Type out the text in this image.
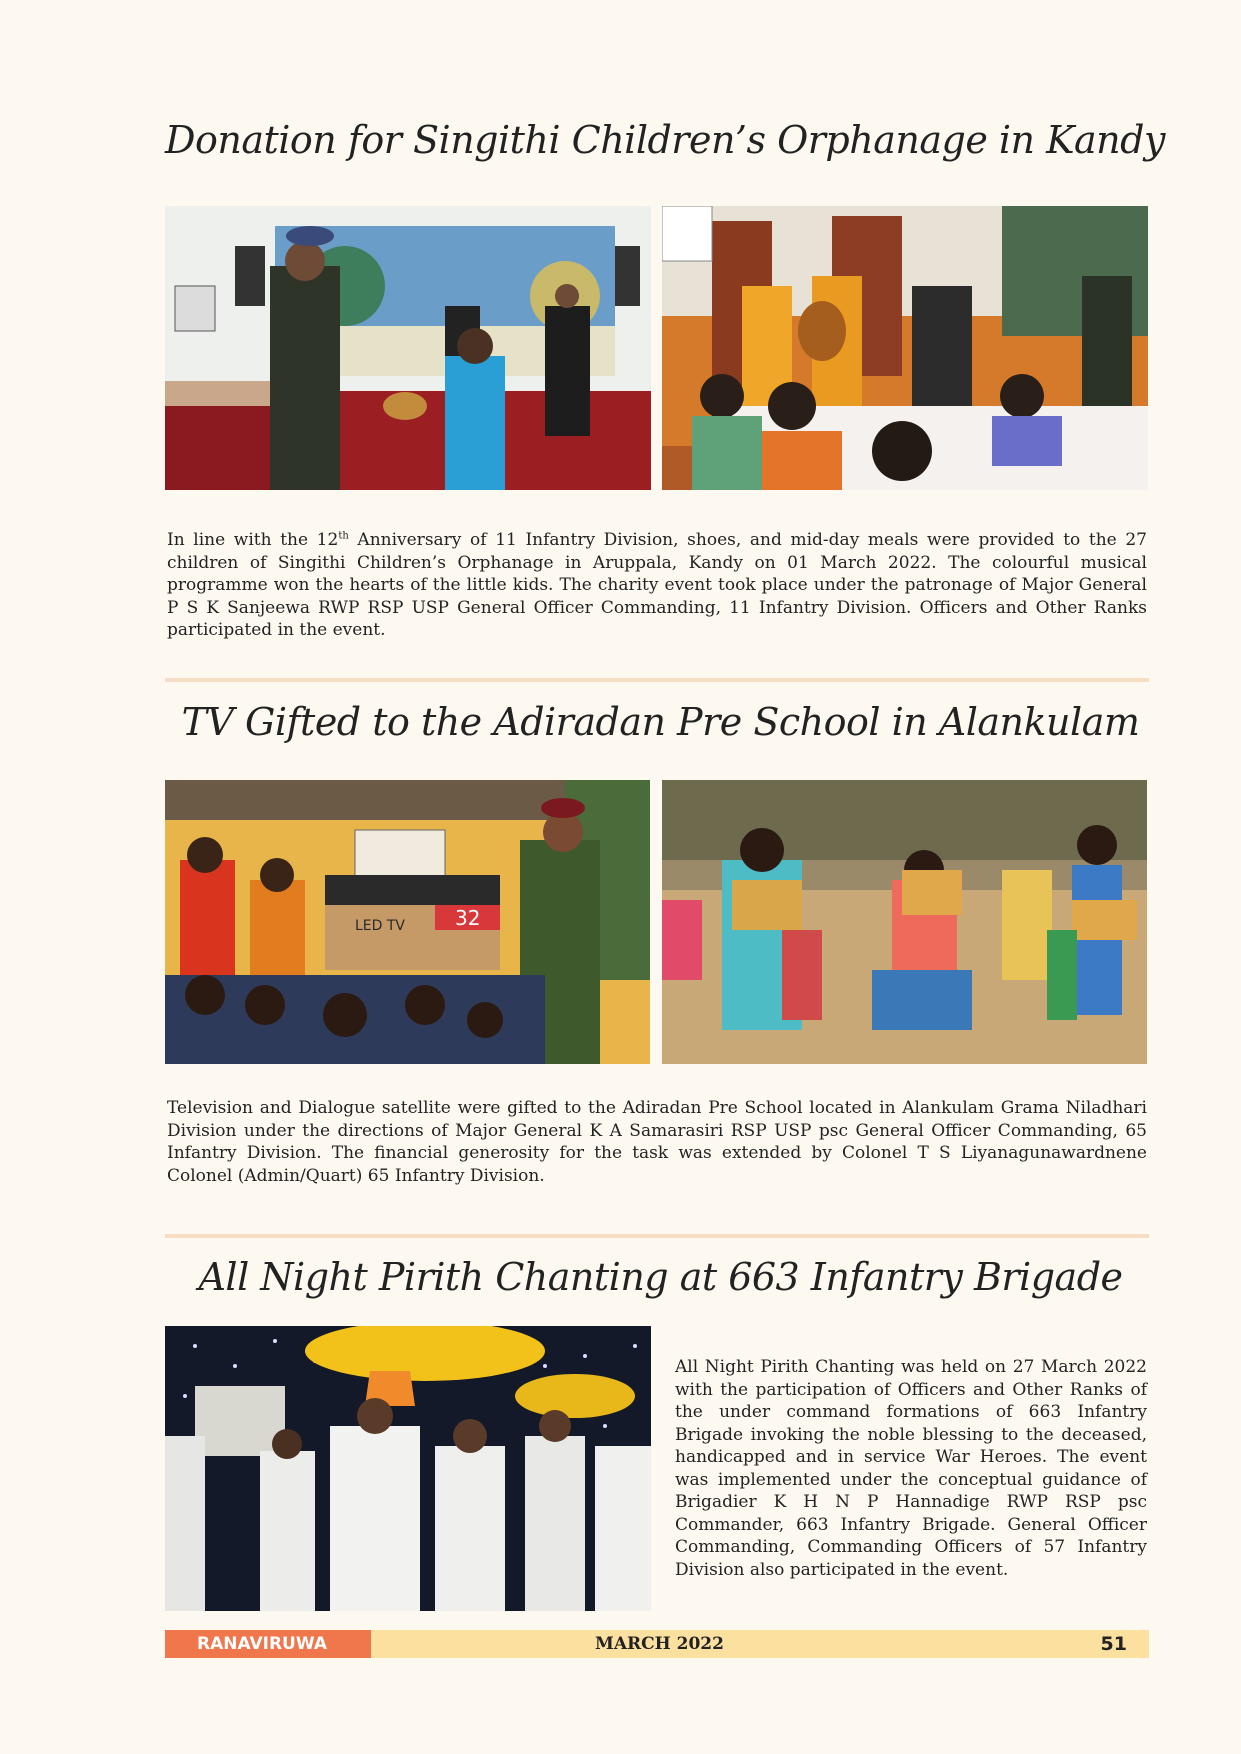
Donation for Singithi Children’s Orphanage in Kandy

In line with the 12th Anniversary of 11 Infantry Division, shoes, and mid-day meals were provided to the 27 children of Singithi Children’s Orphanage in Aruppala, Kandy on 01 March 2022. The colourful musical programme won the hearts of the little kids. The charity event took place under the patronage of Major General P S K Sanjeewa RWP RSP USP General Officer Commanding, 11 Infantry Division. Officers and Other Ranks participated in the event.

TV Gifted to the Adiradan Pre School in Alankulam
LED TV 32

Television and Dialogue satellite were gifted to the Adiradan Pre School located in Alankulam Grama Niladhari Division under the directions of Major General K A Samarasiri RSP USP psc General Officer Commanding, 65 Infantry Division. The financial generosity for the task was extended by Colonel T S Liyanagunawardnene Colonel (Admin/Quart) 65 Infantry Division.

All Night Pirith Chanting at 663 Infantry Brigade

All Night Pirith Chanting was held on 27 March 2022 with the participation of Officers and Other Ranks of the under command formations of 663 Infantry Brigade invoking the noble blessing to the deceased, handicapped and in service War Heroes. The event was implemented under the conceptual guidance of Brigadier K H N P Hannadige RWP RSP psc Commander, 663 Infantry Brigade. General Officer Commanding, Commanding Officers of 57 Infantry Division also participated in the event.

RANAVIRUWA	MARCH 2022	51
